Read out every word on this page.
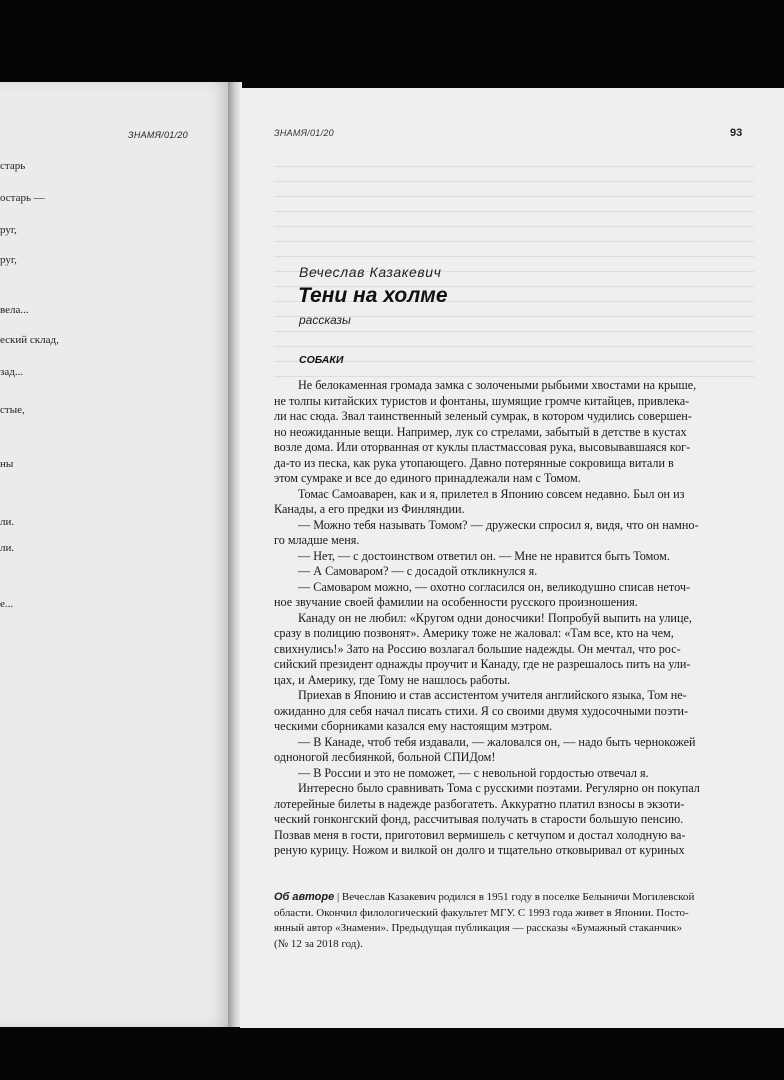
ЗНАМЯ/01/20
старь
остарь —
руг,
руг,
вела...
еский склад,
зад...
стые,
ны
ли.
ли.
е...
ЗНАМЯ/01/20	93
Вечеслав Казакевич
Тени на холме
рассказы
СОБАКИ
Не белокаменная громада замка с золочеными рыбьими хвостами на крыше,
не толпы китайских туристов и фонтаны, шумящие громче китайцев, привлека-
ли нас сюда. Звал таинственный зеленый сумрак, в котором чудились совершен-
но неожиданные вещи. Например, лук со стрелами, забытый в детстве в кустах
возле дома. Или оторванная от куклы пластмассовая рука, высовывавшаяся ког-
да-то из песка, как рука утопающего. Давно потерянные сокровища витали в
этом сумраке и все до единого принадлежали нам с Томом.
Томас Самоаварен, как и я, прилетел в Японию совсем недавно. Был он из
Канады, а его предки из Финляндии.
— Можно тебя называть Томом? — дружески спросил я, видя, что он намно-
го младше меня.
— Нет, — с достоинством ответил он. — Мне не нравится быть Томом.
— А Самоваром? — с досадой откликнулся я.
— Самоваром можно, — охотно согласился он, великодушно списав неточ-
ное звучание своей фамилии на особенности русского произношения.
Канаду он не любил: «Кругом одни доносчики! Попробуй выпить на улице,
сразу в полицию позвонят». Америку тоже не жаловал: «Там все, кто на чем,
свихнулись!» Зато на Россию возлагал большие надежды. Он мечтал, что рос-
сийский президент однажды проучит и Канаду, где не разрешалось пить на ули-
цах, и Америку, где Тому не нашлось работы.
Приехав в Японию и став ассистентом учителя английского языка, Том не-
ожиданно для себя начал писать стихи. Я со своими двумя худосочными поэти-
ческими сборниками казался ему настоящим мэтром.
— В Канаде, чтоб тебя издавали, — жаловался он, — надо быть чернокожей
одноногой лесбиянкой, больной СПИДом!
— В России и это не поможет, — с невольной гордостью отвечал я.
Интересно было сравнивать Тома с русскими поэтами. Регулярно он покупал
лотерейные билеты в надежде разбогатеть. Аккуратно платил взносы в экзоти-
ческий гонконгский фонд, рассчитывая получать в старости большую пенсию.
Позвав меня в гости, приготовил вермишель с кетчупом и достал холодную ва-
реную курицу. Ножом и вилкой он долго и тщательно отковыривал от куриных
Об авторе | Вечеслав Казакевич родился в 1951 году в поселке Белыничи Могилевской
области. Окончил филологический факультет МГУ. С 1993 года живет в Японии. Посто-
янный автор «Знамени». Предыдущая публикация — рассказы «Бумажный стаканчик»
(№ 12 за 2018 год).
